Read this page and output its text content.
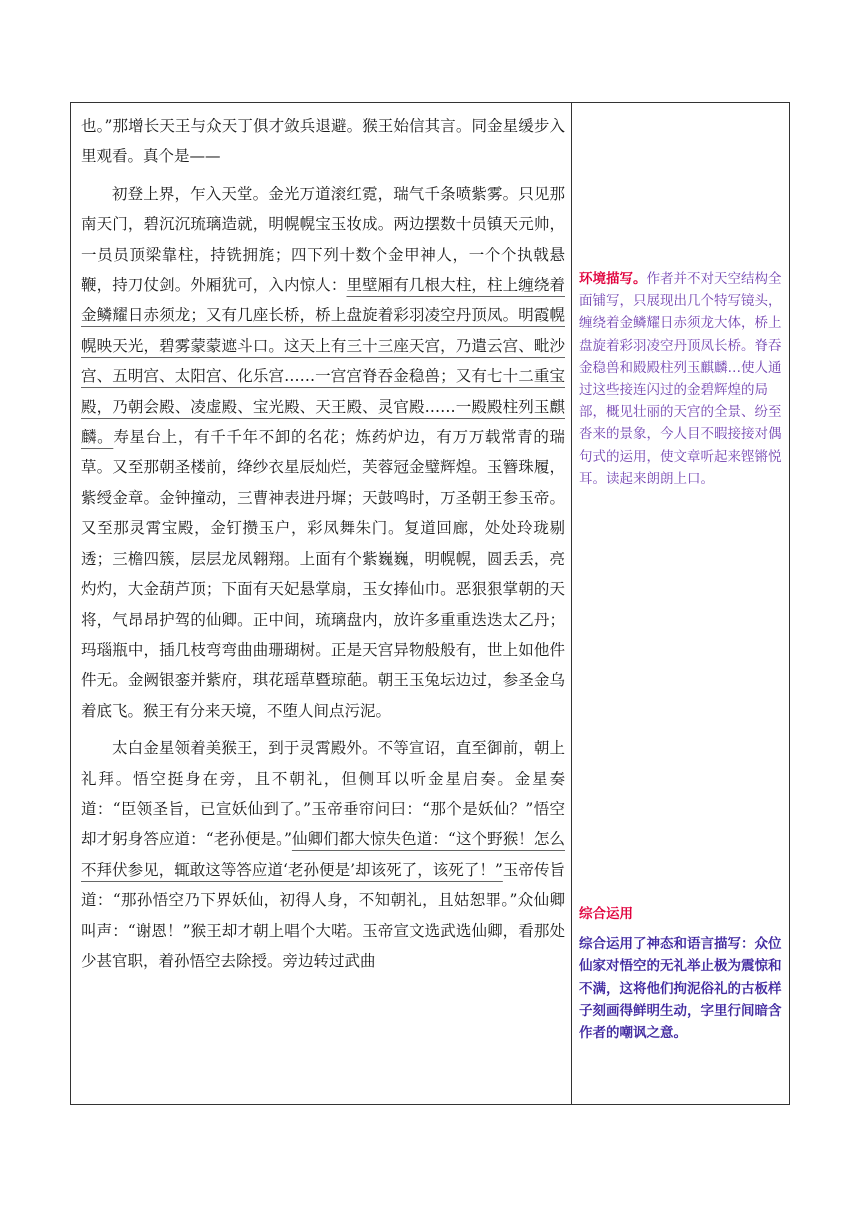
也。”那增长天王与众天丁俱才敛兵退避。猴王始信其言。同金星缓步入里观看。真个是——

初登上界，乍入天堂。金光万道滚红霓，瑞气千条喷紫雾。只见那南天门，碧沉沉琉璃造就，明幌幌宝玉妆成。两边摆数十员镇天元帅，一员员顶梁靠柱，持铣拥旄；四下列十数个金甲神人，一个个执戟悬鞭，持刀仗剑。外厢犹可，入内惊人：里壁厢有几根大柱，柱上缠绕着金鳞耀日赤须龙；又有几座长桥，桥上盘旋着彩羽凌空丹顶凤。明霞幌幌映天光，碧雾蒙蒙遮斗口。这天上有三十三座天宫，乃遣云宫、毗沙宫、五明宫、太阳宫、化乐宫……一宫宫脊吞金稳兽；又有七十二重宝殿，乃朝会殿、凌虚殿、宝光殿、天王殿、灵官殿……一殿殿柱列玉麒麟。寿星台上，有千千年不卸的名花；炼药炉边，有万万载常青的瑞草。又至那朝圣楼前，绛纱衣星辰灿烂，芙蓉冠金璧辉煌。玉簪珠履，紫绶金章。金钟撞动，三曹神表进丹墀；天鼓鸣时，万圣朝王参玉帝。又至那灵霄宝殿，金钉攒玉户，彩凤舞朱门。复道回廊，处处玲珑剔透；三檐四簇，层层龙凤翱翔。上面有个紫巍巍，明幌幌，圆丢丢，亮灼灼，大金葫芦顶；下面有天妃悬掌扇，玉女捧仙巾。恶狠狠掌朝的天将，气昂昂护驾的仙卿。正中间，琉璃盘内，放许多重重迭迭太乙丹；玛瑙瓶中，插几枝弯弯曲曲珊瑚树。正是天宫异物般般有，世上如他件件无。金阙银銮并紫府，琪花瑶草暨琼葩。朝王玉兔坛边过，参圣金乌着底飞。猴王有分来天境，不堕人间点污泥。

太白金星领着美猴王，到于灵霄殿外。不等宣诏，直至御前，朝上礼拜。悟空挺身在旁，且不朝礼，但侧耳以听金星启奏。金星奏道：“臣领圣旨，已宣妖仙到了。”玉帝垂帘问曰：“那个是妖仙？”悟空却才躬身答应道：“老孙便是。”仙卿们都大惊失色道：“这个野猴！怎么不拜伏参见，辄敢这等答应道‘老孙便是’却该死了，该死了！”玉帝传旨道：“那孙悟空乃下界妖仙，初得人身，不知朝礼，且姑恕罪。”众仙卿叫声：“谢恩！”猴王却才朝上唱个大喏。玉帝宣文选武选仙卿，看那处少甚官职，着孙悟空去除授。旁边转过武曲

环境描写。作者并不对天空结构全面铺写，只展现出几个特写镜头，缠绕着金鳞耀日赤须龙大体，桥上盘旋着彩羽凌空丹顶凤长桥。脊吞金稳兽和殿殿柱列玉麒麟…使人通过这些接连闪过的金碧辉煌的局部，概见壮丽的天宫的全景、纷至沓来的景象，今人目不暇接接对偶句式的运用，使文章听起来铿锵悦耳。读起来朗朗上口。
综合运用
综合运用了神态和语言描写：众位仙家对悟空的无礼举止极为震惊和不满，这将他们拘泥俗礼的古板样子刻画得鲜明生动，字里行间暗含作者的嘲讽之意。
